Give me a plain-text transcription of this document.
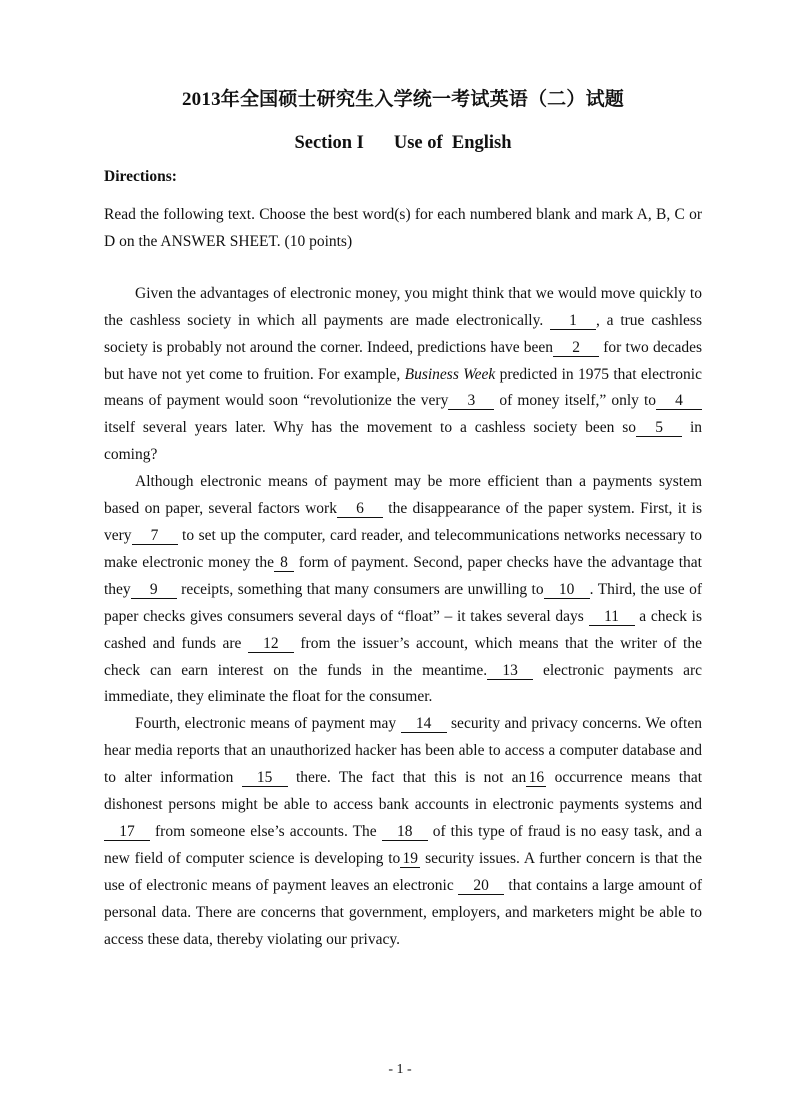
2013年全国硕士研究生入学统一考试英语（二）试题
Section I Use of  English
Directions:

Read the following text. Choose the best word(s) for each numbered blank and mark A, B, C or D on the ANSWER SHEET. (10 points)

Given the advantages of electronic money, you might think that we would move quickly to the cashless society in which all payments are made electronically. 1 , a true cashless society is probably not around the corner. Indeed, predictions have been 2 for two decades but have not yet come to fruition. For example, Business Week predicted in 1975 that electronic means of payment would soon “revolutionize the very 3 of money itself,” only to 4 itself several years later. Why has the movement to a cashless society been so 5 in coming?

Although electronic means of payment may be more efficient than a payments system based on paper, several factors work 6 the disappearance of the paper system. First, it is very 7 to set up the computer, card reader, and telecommunications networks necessary to make electronic money the 8 form of payment. Second, paper checks have the advantage that they 9 receipts, something that many consumers are unwilling to 10 . Third, the use of paper checks gives consumers several days of “float” – it takes several days 11 a check is cashed and funds are 12 from the issuer’s account, which means that the writer of the check can earn interest on the funds in the meantime. 13 electronic payments arc immediate, they eliminate the float for the consumer.

Fourth, electronic means of payment may 14 security and privacy concerns. We often hear media reports that an unauthorized hacker has been able to access a computer database and to alter information 15 there. The fact that this is not an 16 occurrence means that dishonest persons might be able to access bank accounts in electronic payments systems and 17 from someone else’s accounts. The 18 of this type of fraud is no easy task, and a new field of computer science is developing to 19 security issues. A further concern is that the use of electronic means of payment leaves an electronic 20 that contains a large amount of personal data. There are concerns that government, employers, and marketers might be able to access these data, thereby violating our privacy.

- 1 -
